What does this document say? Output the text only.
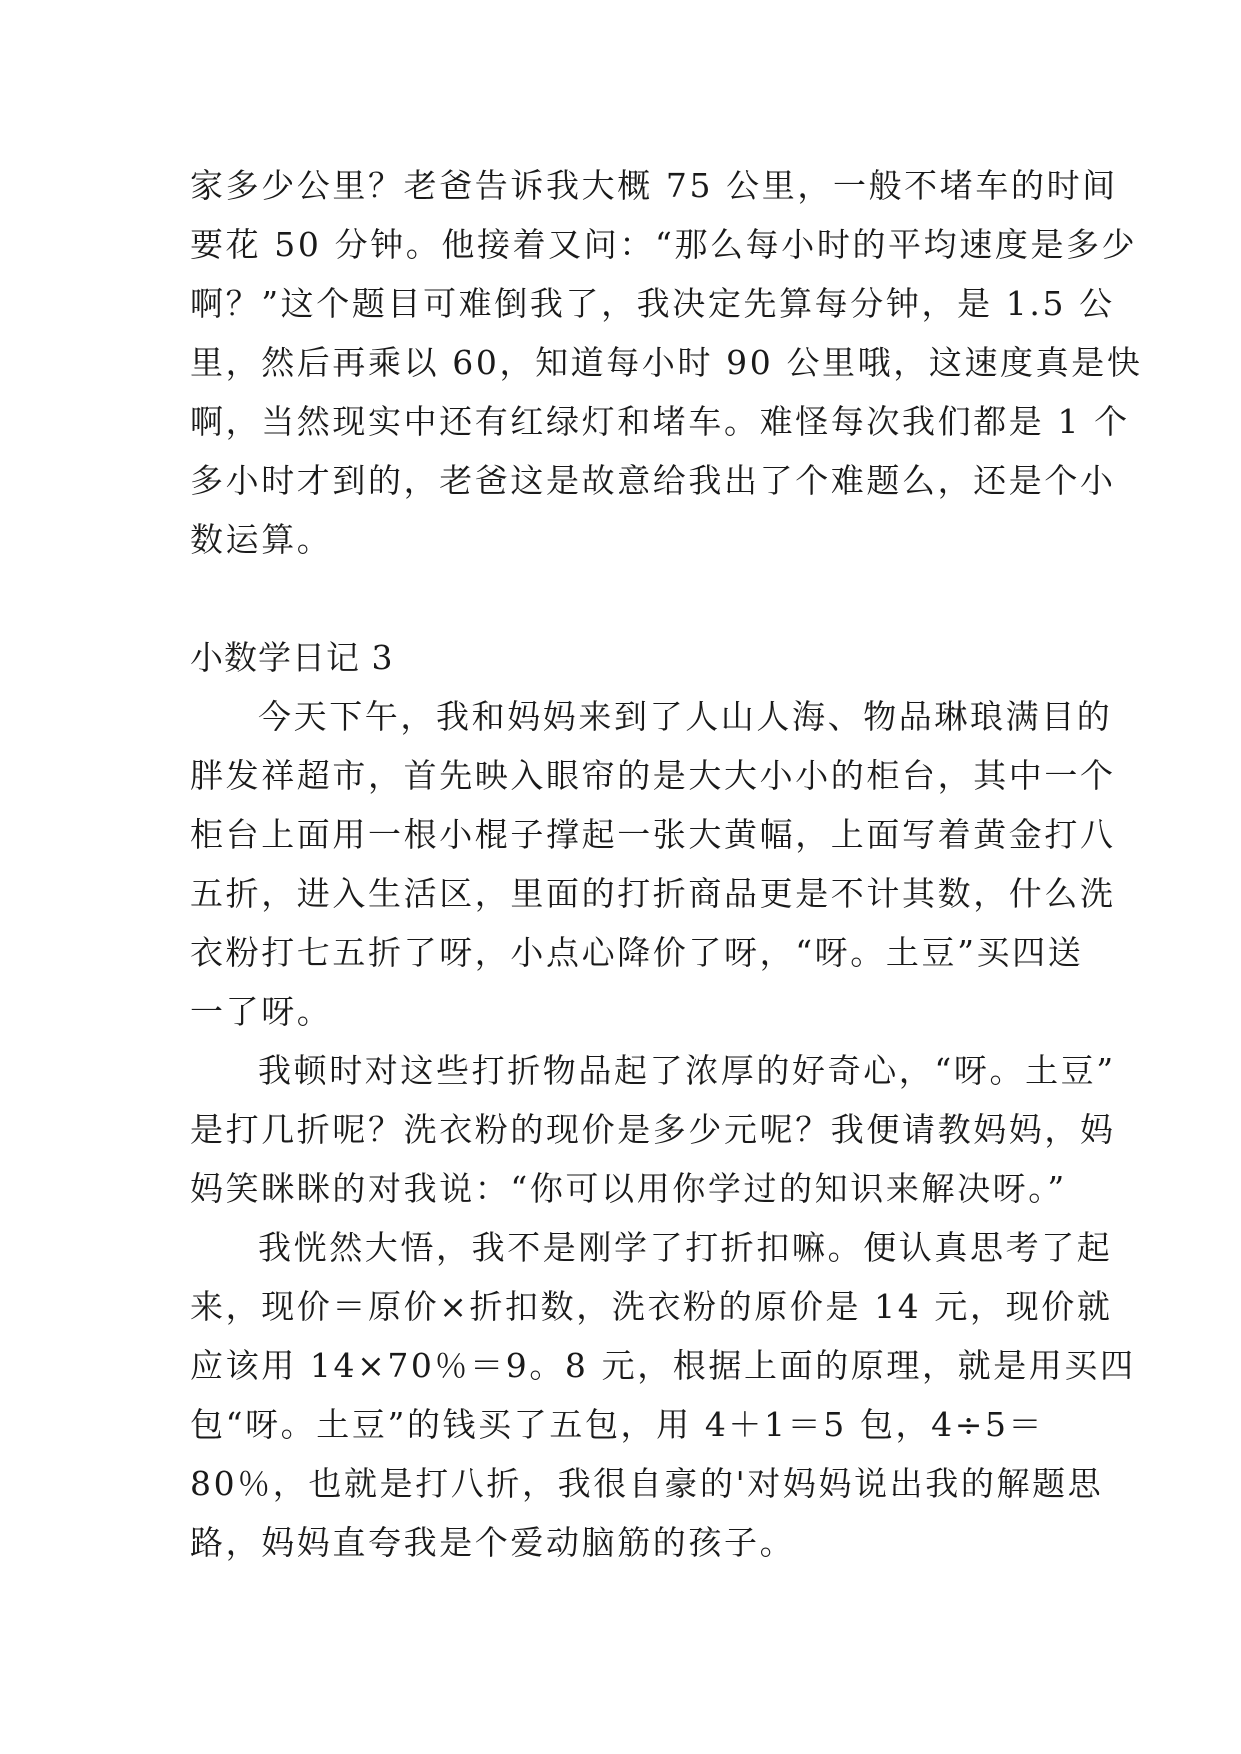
家多少公里？老爸告诉我大概 75 公里，一般不堵车的时间
要花 50 分钟。他接着又问：“那么每小时的平均速度是多少
啊？”这个题目可难倒我了，我决定先算每分钟，是 1.5 公
里，然后再乘以 60，知道每小时 90 公里哦，这速度真是快
啊，当然现实中还有红绿灯和堵车。难怪每次我们都是 1 个
多小时才到的，老爸这是故意给我出了个难题么，还是个小
数运算。
小数学日记 3
今天下午，我和妈妈来到了人山人海、物品琳琅满目的
胖发祥超市，首先映入眼帘的是大大小小的柜台，其中一个
柜台上面用一根小棍子撑起一张大黄幅，上面写着黄金打八
五折，进入生活区，里面的打折商品更是不计其数，什么洗
衣粉打七五折了呀，小点心降价了呀，“呀。土豆”买四送
一了呀。
我顿时对这些打折物品起了浓厚的好奇心，“呀。土豆”
是打几折呢？洗衣粉的现价是多少元呢？我便请教妈妈，妈
妈笑眯眯的对我说：“你可以用你学过的知识来解决呀。”
我恍然大悟，我不是刚学了打折扣嘛。便认真思考了起
来，现价＝原价×折扣数，洗衣粉的原价是 14 元，现价就
应该用 14×70％＝9。8 元，根据上面的原理，就是用买四
包“呀。土豆”的钱买了五包，用 4＋1＝5 包，4÷5＝
80％，也就是打八折，我很自豪的'对妈妈说出我的解题思
路，妈妈直夸我是个爱动脑筋的孩子。
